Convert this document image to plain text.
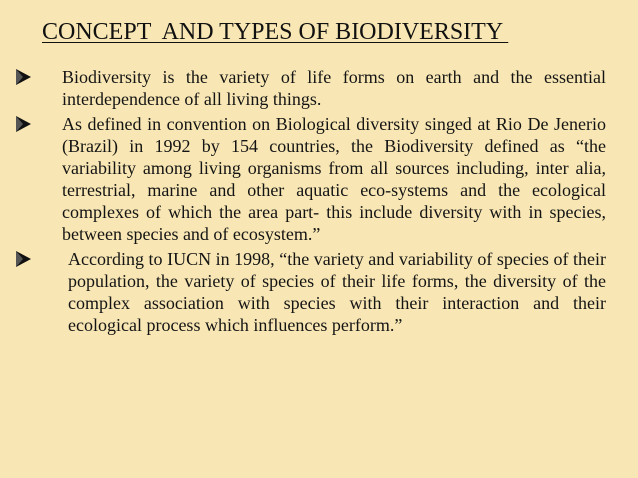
CONCEPT  AND TYPES OF BIODIVERSITY
Biodiversity is the variety of life forms on earth and the essential interdependence of all living things.
As defined in convention on Biological diversity singed at Rio De Jenerio (Brazil) in 1992 by 154 countries, the Biodiversity defined as “the variability among living organisms from all sources including, inter alia, terrestrial, marine and other aquatic eco-systems and the ecological complexes of which the area part- this include diversity with in species, between species and of ecosystem.”
According to IUCN in 1998, “the variety and variability of species of their population, the variety of species of their life forms, the diversity of the complex association with species with their interaction and their ecological process which influences perform.”
